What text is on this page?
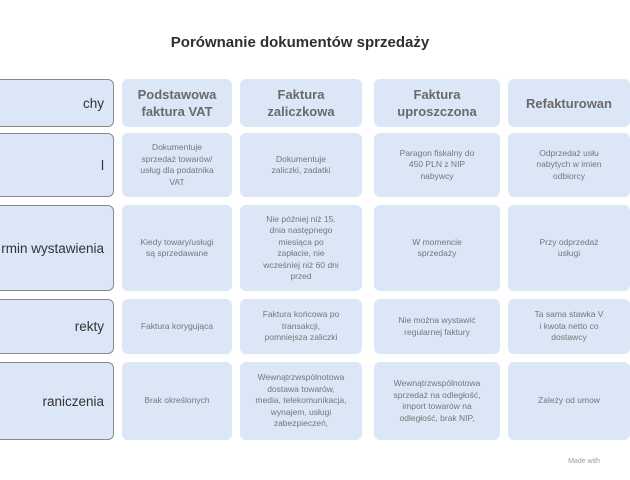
Porównanie dokumentów sprzedaży
chy
l
rmin wystawienia
rekty
raniczenia
Podstawowa
faktura VAT
Faktura
zaliczkowa
Faktura
uproszczona
Refakturowan
Dokumentuje
sprzedaż towarów/
usług dla podatnika
VAT
Dokumentuje
zaliczki, zadatki
Paragon fiskalny do
450 PLN z NIP
nabywcy
Odprzedaż usłu
nabytych w imien
odbiorcy
Kiedy towary/usługi
są sprzedawane
Nie później niż 15.
dnia następnego
miesiąca po
zapłacie, nie
wcześniej niż 60 dni
przed
W momencie
sprzedaży
Przy odprzedaż
usługi
Faktura korygująca
Faktura końcowa po
transakcji,
pomniejsza zaliczki
Nie można wystawić
regularnej faktury
Ta sama stawka V
i kwota netto co
dostawcy
Brak określonych
Wewnątrzwspólnotowa
dostawa towarów,
media, telekomunikacja,
wynajem, usługi
zabezpieczeń,
Wewnątrzwspólnotowa
sprzedaż na odległość,
import towarów na
odległość, brak NIP,
Zależy od umow
Made with
